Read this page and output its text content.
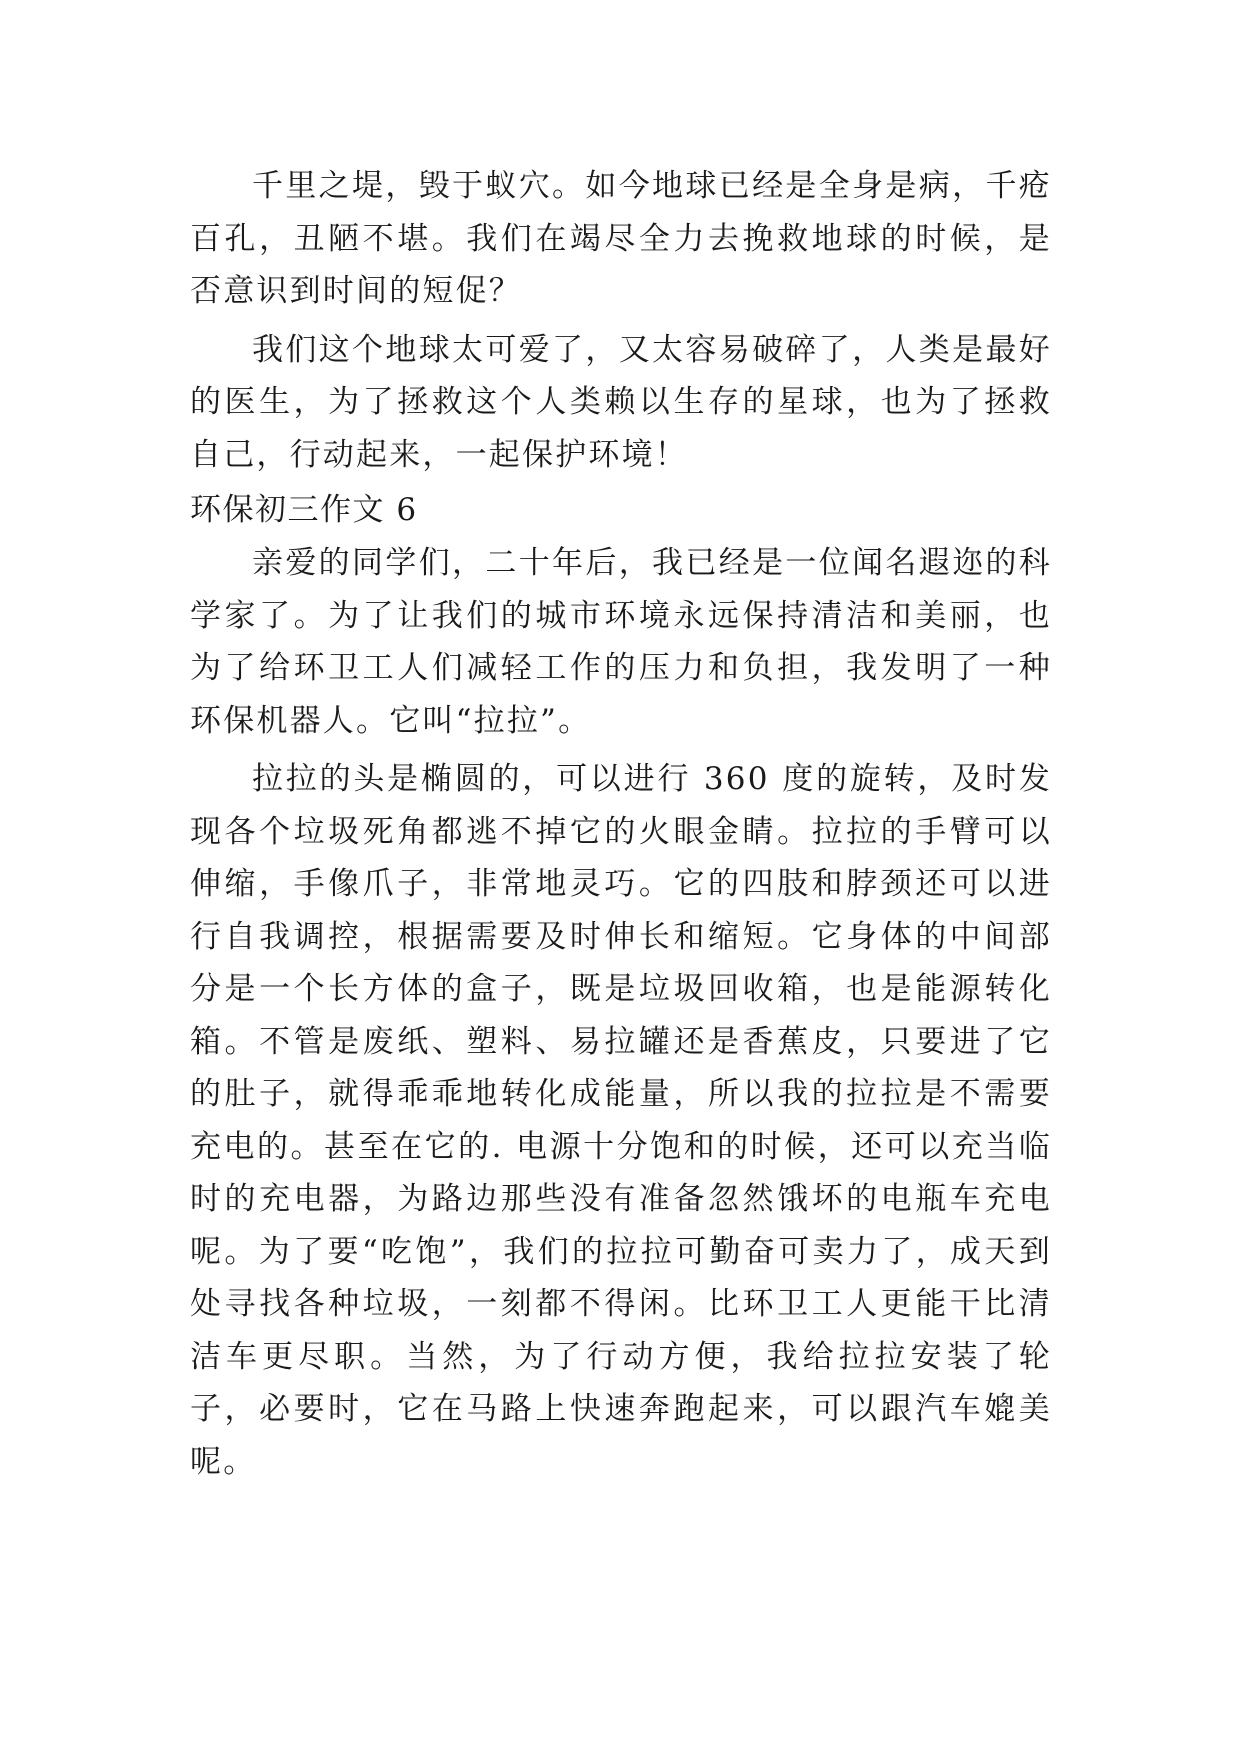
千里之堤，毁于蚁穴。如今地球已经是全身是病，千疮百孔，丑陋不堪。我们在竭尽全力去挽救地球的时候，是否意识到时间的短促？

我们这个地球太可爱了，又太容易破碎了，人类是最好的医生，为了拯救这个人类赖以生存的星球，也为了拯救自己，行动起来，一起保护环境！

环保初三作文 6

亲爱的同学们，二十年后，我已经是一位闻名遐迩的科学家了。为了让我们的城市环境永远保持清洁和美丽，也为了给环卫工人们减轻工作的压力和负担，我发明了一种环保机器人。它叫“拉拉”。

拉拉的头是椭圆的，可以进行 360 度的旋转，及时发现各个垃圾死角都逃不掉它的火眼金睛。拉拉的手臂可以伸缩，手像爪子，非常地灵巧。它的四肢和脖颈还可以进行自我调控，根据需要及时伸长和缩短。它身体的中间部分是一个长方体的盒子，既是垃圾回收箱，也是能源转化箱。不管是废纸、塑料、易拉罐还是香蕉皮，只要进了它的肚子，就得乖乖地转化成能量，所以我的拉拉是不需要充电的。甚至在它的. 电源十分饱和的时候，还可以充当临时的充电器，为路边那些没有准备忽然饿坏的电瓶车充电呢。为了要“吃饱”，我们的拉拉可勤奋可卖力了，成天到处寻找各种垃圾，一刻都不得闲。比环卫工人更能干比清洁车更尽职。当然，为了行动方便，我给拉拉安装了轮子，必要时，它在马路上快速奔跑起来，可以跟汽车媲美呢。
